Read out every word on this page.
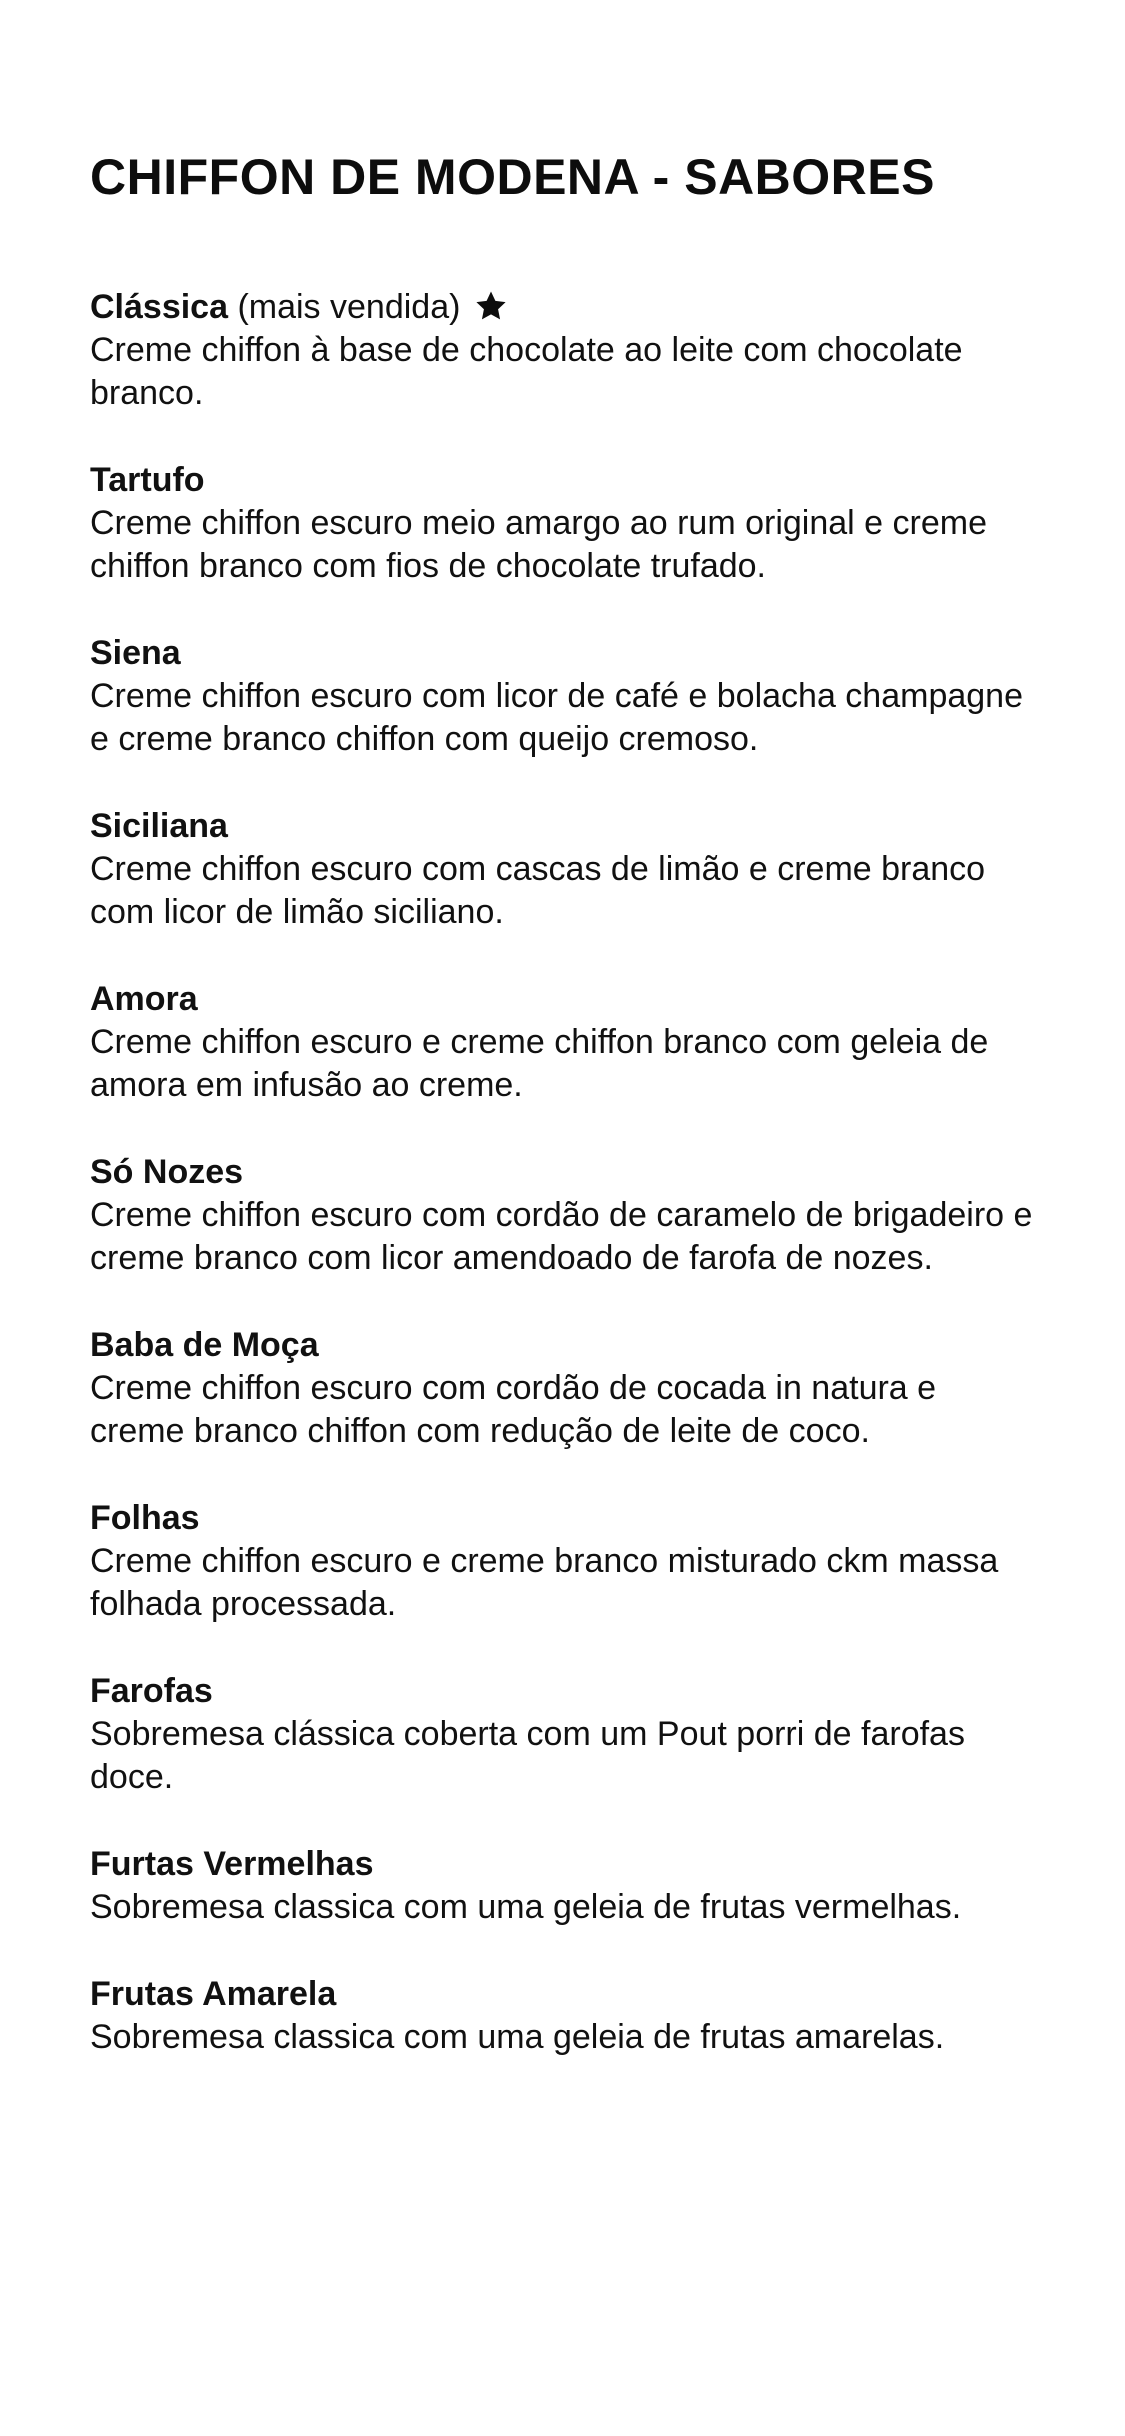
CHIFFON DE MODENA - SABORES
Clássica (mais vendida)
Creme chiffon à base de chocolate ao leite com chocolate branco.
Tartufo
Creme chiffon escuro meio amargo ao rum original e creme chiffon branco com fios de chocolate trufado.
Siena
Creme chiffon escuro com licor de café e bolacha champagne e creme branco chiffon com queijo cremoso.
Siciliana
Creme chiffon escuro com cascas de limão e creme branco com licor de limão siciliano.
Amora
Creme chiffon escuro e creme chiffon branco com geleia de amora em infusão ao creme.
Só Nozes
Creme chiffon escuro com cordão de caramelo de brigadeiro e creme branco com licor amendoado de farofa de nozes.
Baba de Moça
Creme chiffon escuro com cordão de cocada in natura e creme branco chiffon com redução de leite de coco.
Folhas
Creme chiffon escuro e creme branco misturado ckm massa folhada processada.
Farofas
Sobremesa clássica coberta com um Pout porri de farofas doce.
Furtas Vermelhas
Sobremesa classica com uma geleia de frutas vermelhas.
Frutas Amarela
Sobremesa classica com uma geleia de frutas amarelas.
